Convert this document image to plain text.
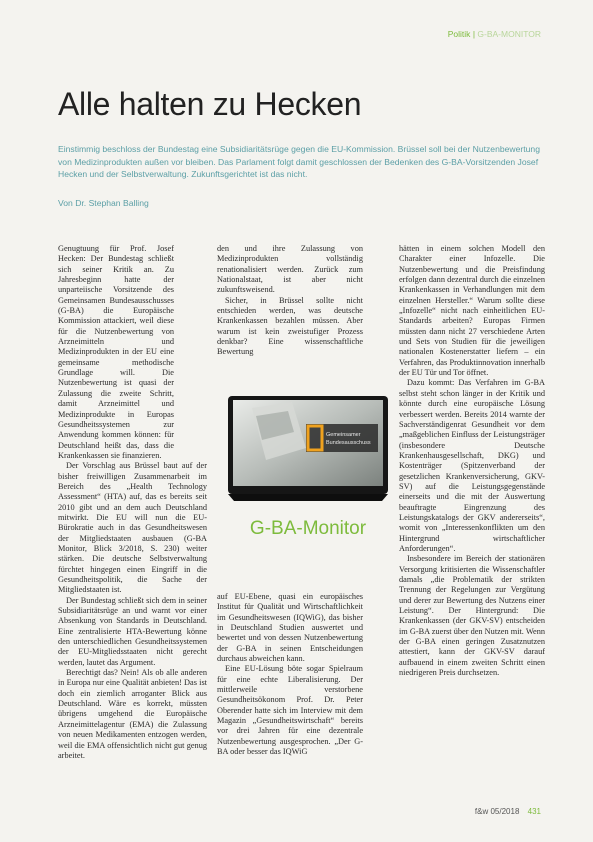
Politik | G-BA-MONITOR
Alle halten zu Hecken

Einstimmig beschloss der Bundestag eine Subsidiaritätsrüge gegen die EU-Kommission. Brüssel soll bei der Nutzenbewertung von Medizinprodukten außen vor bleiben. Das Parlament folgt damit geschlossen der Bedenken des G-BA-Vorsitzenden Josef Hecken und der Selbstverwaltung. Zukunftsgerichtet ist das nicht.

Von Dr. Stephan Balling

Genugtuung für Prof. Josef Hecken: Der Bundestag schließt sich seiner Kritik an. Zu Jahresbeginn hatte der unparteiische Vorsitzende des Gemeinsamen Bundesausschusses (G-BA) die Europäische Kommission attackiert, weil diese für die Nutzenbewertung von Arzneimitteln und Medizinprodukten in der EU eine gemeinsame methodische Grundlage will. Die Nutzenbewertung ist quasi der Zulassung die zweite Schritt, damit Arzneimittel und Medizinprodukte in Europas Gesundheitssystemen zur Anwendung kommen können: für Deutschland heißt das, dass die Krankenkassen sie finanzieren.

Der Vorschlag aus Brüssel baut auf der bisher freiwilligen Zusammenarbeit im Bereich des „Health Technology Assessment“ (HTA) auf, das es bereits seit 2010 gibt und an dem auch Deutschland mitwirkt. Die EU will nun die EU-Bürokratie auch in das Gesundheitswesen der Mitgliedstaaten ausbauen (G-BA Monitor, Blick 3/2018, S. 230) weiter stärken. Die deutsche Selbstverwaltung fürchtet hingegen einen Eingriff in die Gesundheitspolitik, die Sache der Mitgliedstaaten ist.

Der Bundestag schließt sich dem in seiner Subsidiaritätsrüge an und warnt vor einer Absenkung von Standards in Deutschland. Eine zentralisierte HTA-Bewertung könne den unterschiedlichen Gesundheitssystemen der EU-Mitgliedsstaaten nicht gerecht werden, lautet das Argument.

Berechtigt das? Nein! Als ob alle anderen in Europa nur eine Qualität anbieten! Das ist doch ein ziemlich arroganter Blick aus Deutschland. Wäre es korrekt, müssten übrigens umgehend die Europäische Arzneimittelagentur (EMA) die Zulassung von neuen Medikamenten entzogen werden, weil die EMA offensichtlich nicht gut genug arbeitet.

den und ihre Zulassung von Medizinprodukten vollständig renationalisiert werden. Zurück zum Nationalstaat, ist aber nicht zukunftsweisend.

Sicher, in Brüssel sollte nicht entschieden werden, was deutsche Krankenkassen bezahlen müssen. Aber warum ist kein zweistufiger Prozess denkbar? Eine wissenschaftliche Bewertung

auf EU-Ebene, quasi ein europäisches Institut für Qualität und Wirtschaftlichkeit im Gesundheitswesen (IQWiG), das bisher in Deutschland Studien auswertet und bewertet und von dessen Nutzenbewertung der G-BA in seinen Entscheidungen durchaus abweichen kann.

Eine EU-Lösung böte sogar Spielraum für eine echte Liberalisierung. Der mittlerweile verstorbene Gesundheitsökonom Prof. Dr. Peter Oberender hatte sich im Interview mit dem Magazin „Gesundheitswirtschaft“ bereits vor drei Jahren für eine dezentrale Nutzenbewertung ausgesprochen. „Der G-BA oder besser das IQWiG

hätten in einem solchen Modell den Charakter einer Infozelle. Die Nutzenbewertung und die Preisfindung erfolgen dann dezentral durch die einzelnen Krankenkassen in Verhandlungen mit dem einzelnen Hersteller.“ Warum sollte diese „Infozelle“ nicht nach einheitlichen EU-Standards arbeiten? Europas Firmen müssten dann nicht 27 verschiedene Arten und Sets von Studien für die jeweiligen nationalen Kostenerstatter liefern – ein Verfahren, das Produktinnovation innerhalb der EU Tür und Tor öffnet.

Dazu kommt: Das Verfahren im G-BA selbst steht schon länger in der Kritik und könnte durch eine europäische Lösung verbessert werden. Bereits 2014 warnte der Sachverständigenrat Gesundheit vor dem „maßgeblichen Einfluss der Leistungsträger (insbesondere Deutsche Krankenhausgesellschaft, DKG) und Kostenträger (Spitzenverband der gesetzlichen Krankenversicherung, GKV-SV) auf die Leistungsgegenstände einerseits und die mit der Auswertung beauftragte Eingrenzung des Leistungskatalogs der GKV andererseits“, womit von „Interessenkonflikten um den Hintergrund wirtschaftlicher Anforderungen“.

Insbesondere im Bereich der stationären Versorgung kritisierten die Wissenschaftler damals „die Problematik der strikten Trennung der Regelungen zur Vergütung und derer zur Bewertung des Nutzens einer Leistung“. Der Hintergrund: Die Krankenkassen (der GKV-SV) entscheiden im G-BA zuerst über den Nutzen mit. Wenn der G-BA einen geringen Zusatznutzen attestiert, kann der GKV-SV darauf aufbauend in einem zweiten Schritt einen niedrigeren Preis durchsetzen.

Gemeinsamer
Bundesausschuss
G-BA-Monitor
f&w 05/2018 431
